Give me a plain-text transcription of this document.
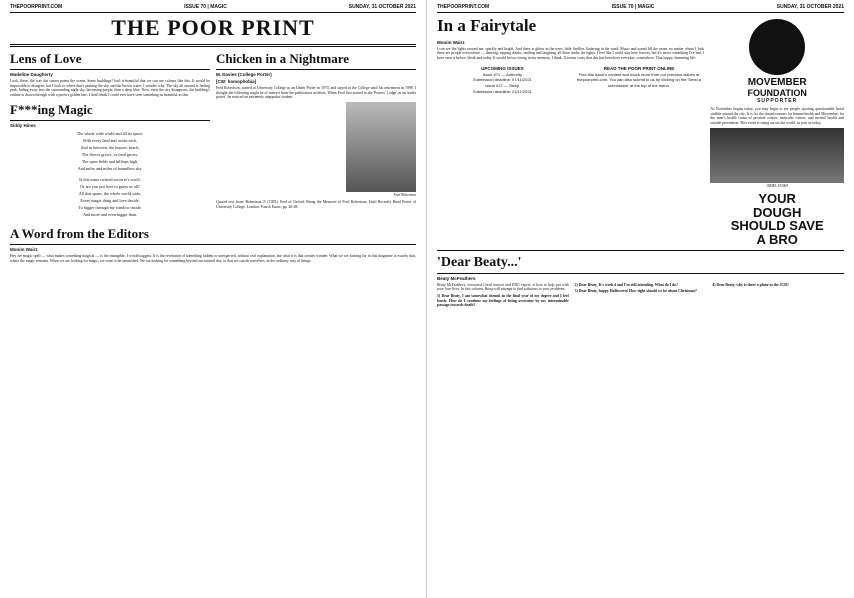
THEPOORPRINT.COM	ISSUE 70 | MAGIC	SUNDAY, 31 OCTOBER 2021
THE POOR PRINT
Lens of Love
Madeline Daugherty

Look, there, the way the sunset paints the ocean. Some buildings? Isn't it beautiful that we can see colours like this. It would be impossible to disagree, but I look to where that's pinking the sky and the brown water, I wonder why. The sky all around is feeling pink, fading away into the surrounding night sky, becoming purple, then a deep blue. Now, even the city disappears, the building's outline is drawn through with a perfect golden line. I don't think I could ever have seen something as beautiful as this.

F***ing Magic
Siddy Hines
The whole wide world and all its space,
With every land and ocean each,
And in between, the houses, beach,
The flower grows, or food grows,
The open fields and hilltops high,
And miles and miles of boundless sky.
Is this some twisted sorcerer's scroll,
Or are you just here to guess us all?
All that spans, the whole world wide,
Every magic thing and love decide.
To bigger through my window inside,
And more and even bigger than.
Chicken in a Nightmare
M. Davies (College Porter)
[CW: homophobia]

Fred Robertson, started at University College as an Under Porter in 1970, and stayed at the College until his retirement in 1998. I thought the following might be of interest from the publication archives. When Fred first started in the 'Porters' Lodge' as an 'under porter', he noticed an extremely unpopular student.

Fred Robertson

Quoted text from: Robertson, F. (1993). Fred of Oxford: Being the Memoirs of Fred Robertson, Until Recently Head Porter of University College. London: Fourth Estate, pp. 26-28.

A Word from the Editors
Monim Wairz

Hey are magic spell — what makes something magical — is the intangible. I would suggest. It is the revelation of something hidden or unexpected, without real explanation, but what it is that creates wonder. What we are looking for in this magazine is exactly that, where the magic remains. When we are looking for magic, we want to be astonished. We are looking for something beyond our normal day, or that we can do ourselves, in the ordinary way of things.

THEPOORPRINT.COM	ISSUE 70 | MAGIC	SUNDAY, 31 OCTOBER 2021
In a Fairytale
Monim Wairz

I can see the lights around me, sparkly and bright. And there is glitter in the trees, little fireflies fluttering in the wind. Music and sound fill the room, no matter where I look there are people everywhere — dancing, sipping drinks, smiling and laughing, all there under the lights. I feel like I could stay here forever, but it's never something I've had. I have seen it before, bleak and today. It would be too strong in my memory, I think. It seems crazy that this has been here everyday, somewhere. That happy, humming life.

UPCOMING ISSUES
Issue #71 — Authority
Submission deadline: 07/11/2021
Issue #72 — Sleep
Submission deadline: 21/11/2021
READ THE POOR PRINT ONLINE
Find this issue's content and much more from our previous issues at thepoorprint.com. You can also submit to us by clicking on the 'Send a submission' at the top of the menu.	MOVEMBER
FOUNDATION
SUPPORTER

As November begins today, you may begin to see people sporting questionable facial stubble around the city. It is for the shared reasons for human health and Movember, for the men's health cause of prostate cancer, testicular cancer, and mental health and suicide prevention. This event is rising across the world, so join us today.

ORIEL SUSHI
YOUR
DOUGH
SHOULD SAVE
A BRO
'Dear Beaty...'
Beaty McFeathers

Beaty McFeathers, renowned Greek mascot and PDG expert, is here to help you with your love lives. In this column, Beaty will attempt to find solutions to your problems.

1) Dear Beaty, I am somewhat shrunk in the final year of my degree and I feel lonely. How do I continue my feelings of being overcome by my interminable passage towards death?

2) Dear Beaty, It's week 4 and I'm still attending. What do I do?

3) Dear Beaty, happy Halloween! How tight should we be about Christmas?

4) Dear Beaty, why is there a plane in the JCR?
